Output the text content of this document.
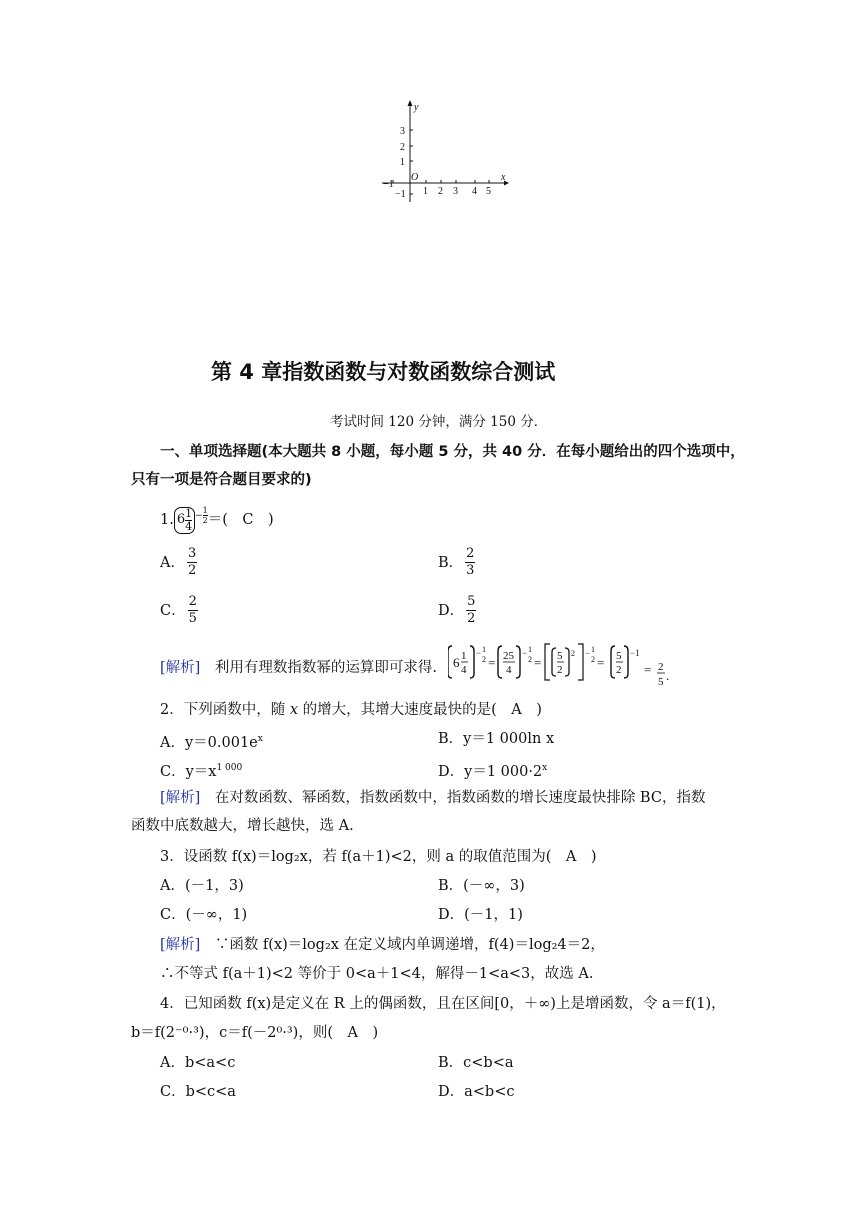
y
x
O
3
2
1
−1
−1
1 2 3 4 5
第 4 章指数函数与对数函数综合测试
考试时间 120 分钟，满分 150 分．
一、单项选择题(本大题共 8 小题，每小题 5 分，共 40 分．在每小题给出的四个选项中，
只有一项是符合题目要求的)
1. $6 \frac{1}{4} - \frac{1}{2}$ ＝(　C　)
A． $\frac{3}{2}$	B． $\frac{2}{3}$
C． $\frac{2}{5}$	D． $\frac{5}{2}$
[解析]　利用有理数指数幂的运算即可求得. 6 1
4
− 1
2 = 25
4
− 1
2 = 5
2
2 − 1
2 = 5
2
−1
= 2
5 .
2．下列函数中，随 x 的增大，其增大速度最快的是(　A　)
A．$y=0.001e^x$	B．y＝1 000ln x
C．$y=x^{1 000}$	D．y＝1 $000\cdot 2^x$
[解析]　在对数函数、幂函数，指数函数中，指数函数的增长速度最快排除 BC，指数
函数中底数越大，增长越快，选 A.
3．设函数 f(x)＝log₂x，若 f(a＋1)<2，则 a 的取值范围为(　A　)
A．(－1，3)	B．(－∞，3)
C．(－∞，1)	D．(－1，1)
[解析]　∵函数 f(x)＝log₂x 在定义域内单调递增，f(4)＝log₂4＝2，
∴不等式 f(a＋1)<2 等价于 0<a＋1<4，解得－1<a<3，故选 A.
4．已知函数 f(x)是定义在 R 上的偶函数，且在区间[0，＋∞)上是增函数，令 a＝f(1)，
b＝f(2⁻⁰·³)，c＝f(－2⁰·³)，则(　A　)
A．b<a<c	B．c<b<a
C．b<c<a	D．a<b<c
